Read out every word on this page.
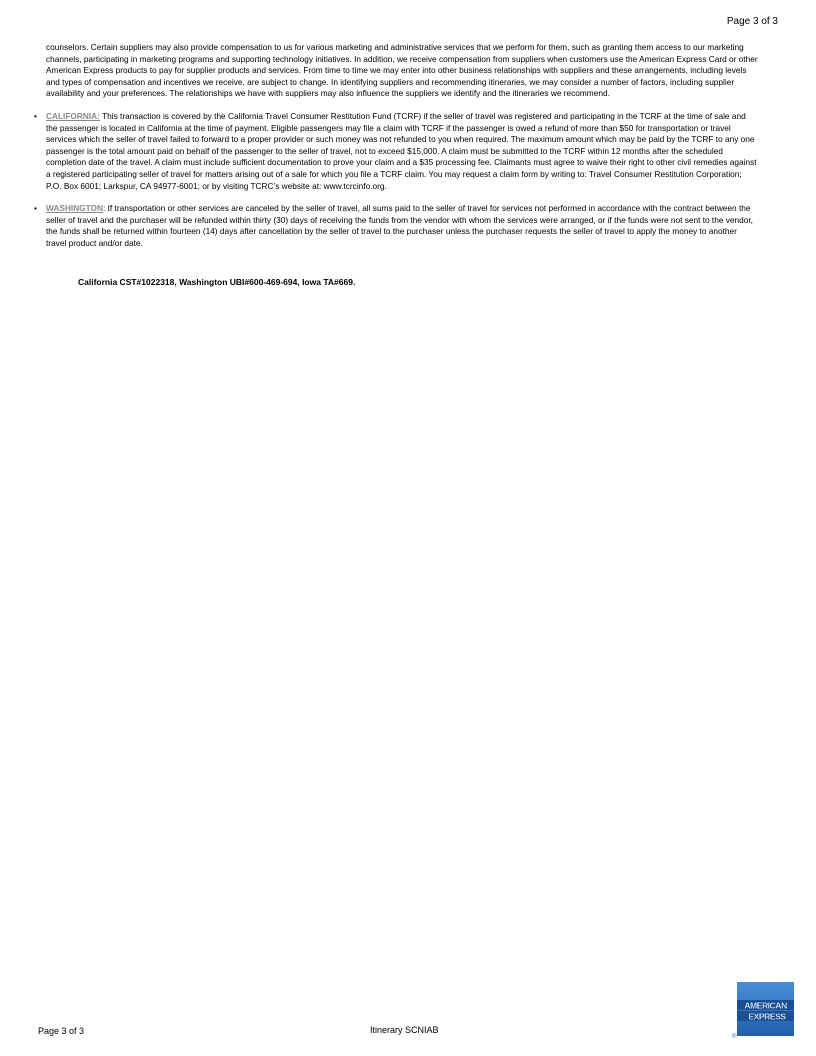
Page 3 of 3

counselors. Certain suppliers may also provide compensation to us for various marketing and administrative services that we perform for them, such as granting them access to our marketing channels, participating in marketing programs and supporting technology initiatives. In addition, we receive compensation from suppliers when customers use the American Express Card or other American Express products to pay for supplier products and services. From time to time we may enter into other business relationships with suppliers and these arrangements, including levels and types of compensation and incentives we receive, are subject to change. In identifying suppliers and recommending itineraries, we may consider a number of factors, including supplier availability and your preferences. The relationships we have with suppliers may also influence the suppliers we identify and the itineraries we recommend.

•	CALIFORNIA: This transaction is covered by the California Travel Consumer Restitution Fund (TCRF) if the seller of travel was registered and participating in the TCRF at the time of sale and the passenger is located in California at the time of payment. Eligible passengers may file a claim with TCRF if the passenger is owed a refund of more than $50 for transportation or travel services which the seller of travel failed to forward to a proper provider or such money was not refunded to you when required. The maximum amount which may be paid by the TCRF to any one passenger is the total amount paid on behalf of the passenger to the seller of travel, not to exceed $15,000. A claim must be submitted to the TCRF within 12 months after the scheduled completion date of the travel. A claim must include sufficient documentation to prove your claim and a $35 processing fee. Claimants must agree to waive their right to other civil remedies against a registered participating seller of travel for matters arising out of a sale for which you file a TCRF claim. You may request a claim form by writing to: Travel Consumer Restitution Corporation; P.O. Box 6001; Larkspur, CA 94977-6001; or by visiting TCRC’s website at: www.tcrcinfo.org.

•	WASHINGTON: If transportation or other services are canceled by the seller of travel, all sums paid to the seller of travel for services not performed in accordance with the contract between the seller of travel and the purchaser will be refunded within thirty (30) days of receiving the funds from the vendor with whom the services were arranged, or if the funds were not sent to the vendor, the funds shall be returned within fourteen (14) days after cancellation by the seller of travel to the purchaser unless the purchaser requests the seller of travel to apply the money to another travel product and/or date.

California CST#1022318, Washington UBI#600-469-694, Iowa TA#669.

Page 3 of 3	Itinerary SCNIAB
AMERICAN
EXPRESS
®
